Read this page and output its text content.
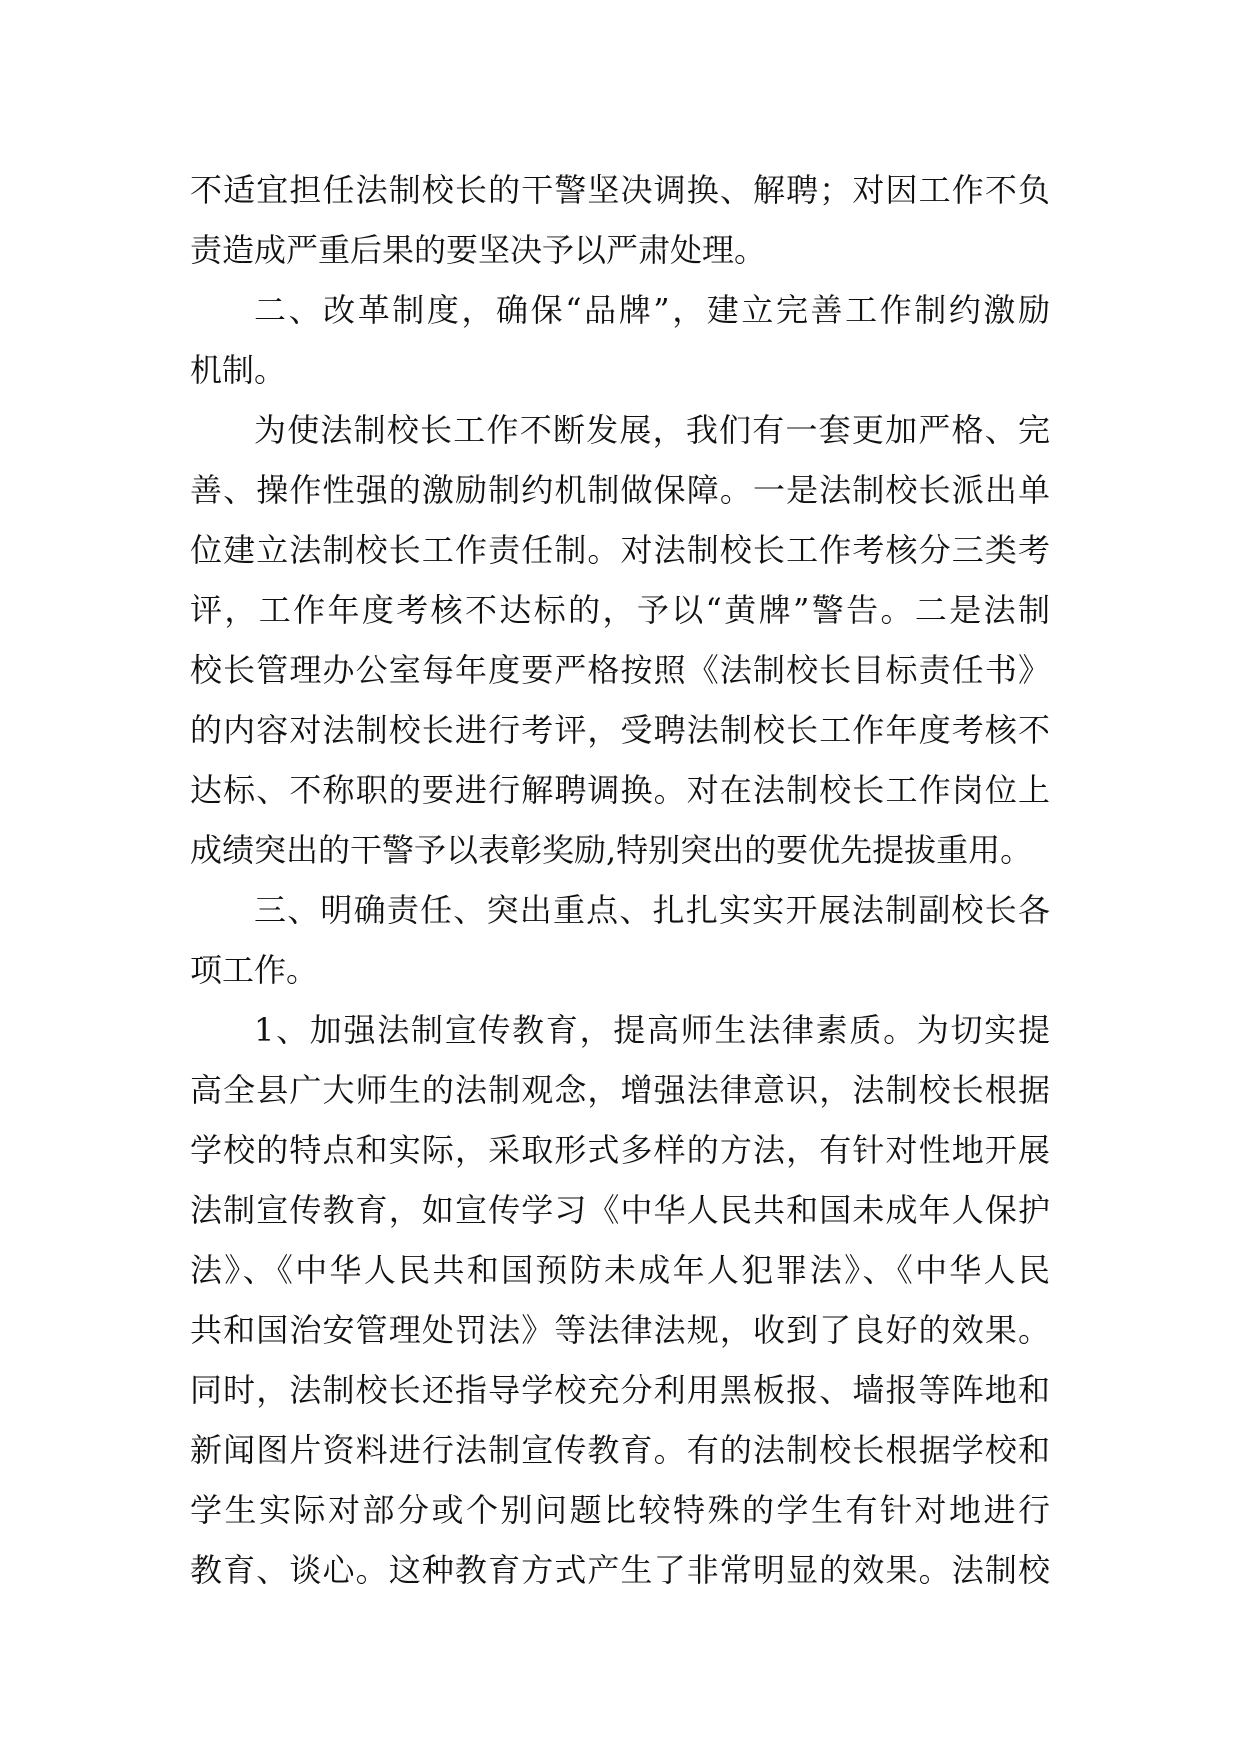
不适宜担任法制校长的干警坚决调换、解聘；对因工作不负
责造成严重后果的要坚决予以严肃处理。
二、改革制度，确保“品牌”，建立完善工作制约激励
机制。
为使法制校长工作不断发展，我们有一套更加严格、完
善、操作性强的激励制约机制做保障。一是法制校长派出单
位建立法制校长工作责任制。对法制校长工作考核分三类考
评，工作年度考核不达标的，予以“黄牌”警告。二是法制
校长管理办公室每年度要严格按照《法制校长目标责任书》
的内容对法制校长进行考评，受聘法制校长工作年度考核不
达标、不称职的要进行解聘调换。对在法制校长工作岗位上
成绩突出的干警予以表彰奖励,特别突出的要优先提拔重用。
三、明确责任、突出重点、扎扎实实开展法制副校长各
项工作。
1、加强法制宣传教育，提高师生法律素质。为切实提
高全县广大师生的法制观念，增强法律意识，法制校长根据
学校的特点和实际，采取形式多样的方法，有针对性地开展
法制宣传教育，如宣传学习《中华人民共和国未成年人保护
法》、《中华人民共和国预防未成年人犯罪法》、《中华人民
共和国治安管理处罚法》等法律法规，收到了良好的效果。
同时，法制校长还指导学校充分利用黑板报、墙报等阵地和
新闻图片资料进行法制宣传教育。有的法制校长根据学校和
学生实际对部分或个别问题比较特殊的学生有针对地进行
教育、谈心。这种教育方式产生了非常明显的效果。法制校
